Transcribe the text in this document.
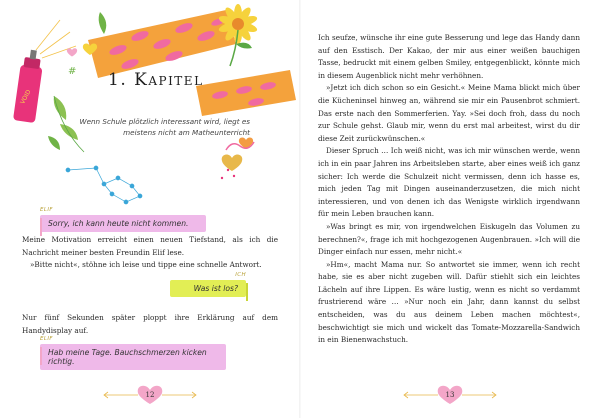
VOID
# 1. Kapitel
Wenn Schule plötzlich interessant wird, liegt es meistens nicht am Matheunterricht
ELIF
Sorry, ich kann heute nicht kommen.

Meine Motivation erreicht einen neuen Tiefstand, als ich die Nachricht meiner besten Freundin Elif lese.

»Bitte nicht«, stöhne ich leise und tippe eine schnelle Antwort.

ICH
Was ist los?

Nur fünf Sekunden später ploppt ihre Erklärung auf dem Handydisplay auf.

ELIF
Hab meine Tage. Bauchschmerzen kicken richtig.
12

Ich seufze, wünsche ihr eine gute Besserung und lege das Handy dann auf den Esstisch. Der Kakao, der mir aus einer weißen bauchigen Tasse, bedruckt mit einem gelben Smiley, entgegenblickt, könnte mich in diesem Augenblick nicht mehr verhöhnen.

»Jetzt ich dich schon so ein Gesicht.« Meine Mama blickt mich über die Kücheninsel hinweg an, während sie mir ein Pausenbrot schmiert. Das erste nach den Sommerferien. Yay. »Sei doch froh, dass du noch zur Schule gehst. Glaub mir, wenn du erst mal arbeitest, wirst du dir diese Zeit zurückwünschen.«

Dieser Spruch … Ich weiß nicht, was ich mir wünschen werde, wenn ich in ein paar Jahren ins Arbeitsleben starte, aber eines weiß ich ganz sicher: Ich werde die Schulzeit nicht vermissen, denn ich hasse es, mich jeden Tag mit Dingen auseinanderzusetzen, die mich nicht interessieren, und von denen ich das Wenigste wirklich irgendwann für mein Leben brauchen kann.

»Was bringt es mir, von irgendwelchen Eiskugeln das Volumen zu berechnen?«, frage ich mit hochgezogenen Augenbrauen. »Ich will die Dinger einfach nur essen, mehr nicht.«

»Hm«, macht Mama nur. So antwortet sie immer, wenn ich recht habe, sie es aber nicht zugeben will. Dafür stiehlt sich ein leichtes Lächeln auf ihre Lippen. Es wäre lustig, wenn es nicht so verdammt frustrierend wäre … »Nur noch ein Jahr, dann kannst du selbst entscheiden, was du aus deinem Leben machen möchtest«, beschwichtigt sie mich und wickelt das Tomate-Mozzarella-Sandwich in ein Bienenwachstuch.

13
